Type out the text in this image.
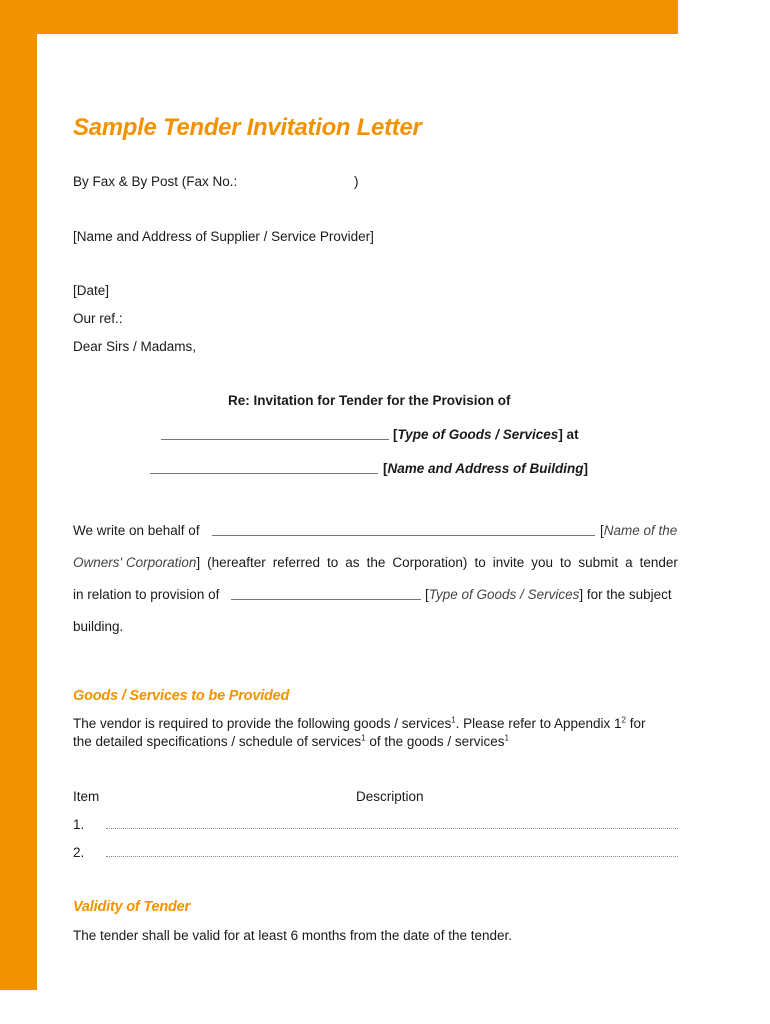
Sample Tender Invitation Letter
By Fax & By Post (Fax No.:	)
[Name and Address of Supplier / Service Provider]
[Date]
Our ref.:
Dear Sirs / Madams,
Re: Invitation for Tender for the Provision of
[Type of Goods / Services] at
[Name and Address of Building]
We write on behalf of	[Name of the
Owners' Corporation] (hereafter referred to as the Corporation) to invite you to submit a tender
in relation to provision of	[Type of Goods / Services] for the subject
building.
Goods / Services to be Provided
The vendor is required to provide the following goods / services$^1$. Please refer to Appendix $1^2$ for
the detailed specifications / schedule of services$^1$ of the goods / services$^1$
Item	Description
1.
2.
Validity of Tender
The tender shall be valid for at least 6 months from the date of the tender.
